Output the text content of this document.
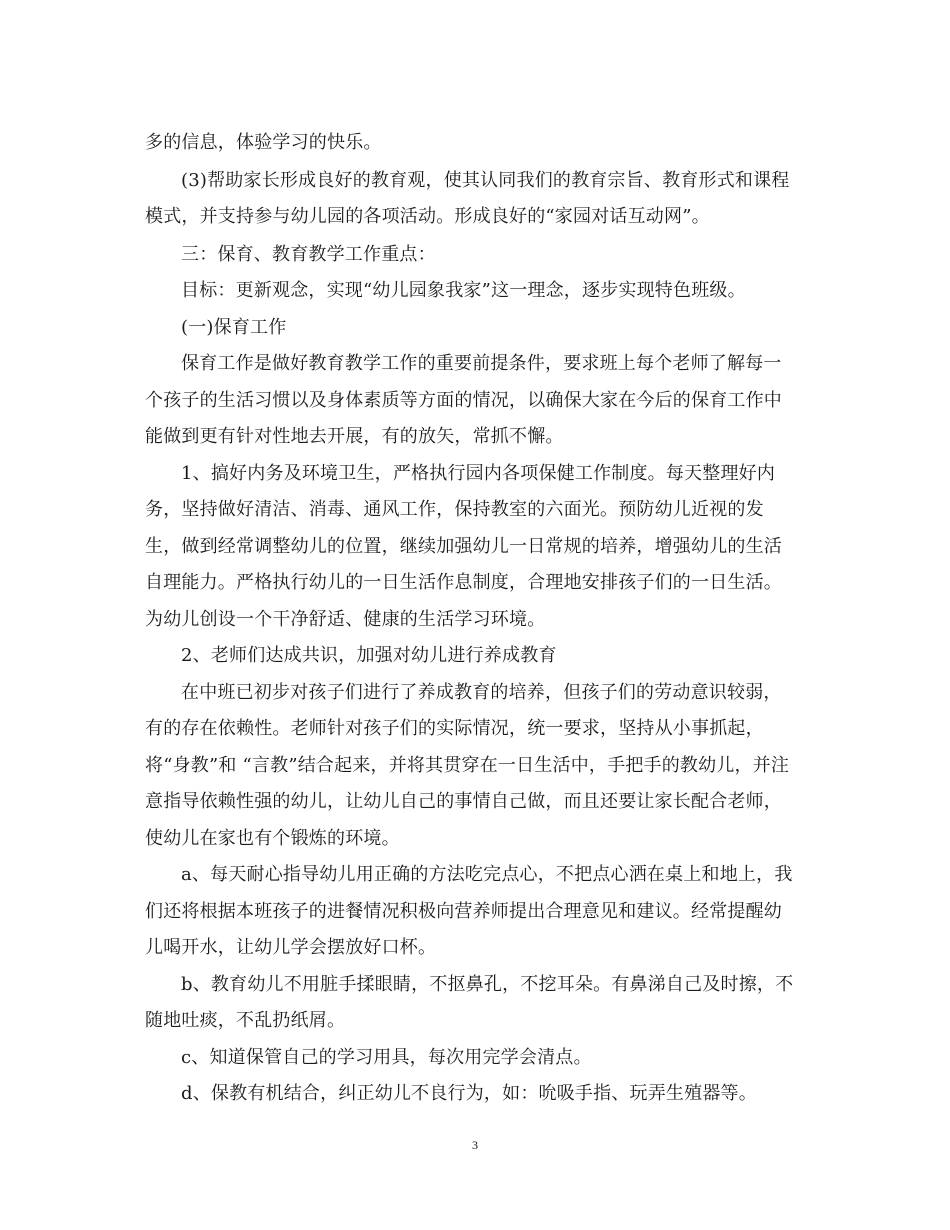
多的信息，体验学习的快乐。
(3)帮助家长形成良好的教育观，使其认同我们的教育宗旨、教育形式和课程
模式，并支持参与幼儿园的各项活动。形成良好的“家园对话互动网”。
三：保育、教育教学工作重点：
目标：更新观念，实现“幼儿园象我家”这一理念，逐步实现特色班级。
(一)保育工作
保育工作是做好教育教学工作的重要前提条件，要求班上每个老师了解每一
个孩子的生活习惯以及身体素质等方面的情况，以确保大家在今后的保育工作中
能做到更有针对性地去开展，有的放矢，常抓不懈。
1、搞好内务及环境卫生，严格执行园内各项保健工作制度。每天整理好内
务，坚持做好清洁、消毒、通风工作，保持教室的六面光。预防幼儿近视的发
生，做到经常调整幼儿的位置，继续加强幼儿一日常规的培养，增强幼儿的生活
自理能力。严格执行幼儿的一日生活作息制度，合理地安排孩子们的一日生活。
为幼儿创设一个干净舒适、健康的生活学习环境。
2、老师们达成共识，加强对幼儿进行养成教育
在中班已初步对孩子们进行了养成教育的培养，但孩子们的劳动意识较弱，
有的存在依赖性。老师针对孩子们的实际情况，统一要求，坚持从小事抓起，
将“身教”和 “言教”结合起来，并将其贯穿在一日生活中，手把手的教幼儿，并注
意指导依赖性强的幼儿，让幼儿自己的事情自己做，而且还要让家长配合老师，
使幼儿在家也有个锻炼的环境。
a、每天耐心指导幼儿用正确的方法吃完点心，不把点心洒在桌上和地上，我
们还将根据本班孩子的进餐情况积极向营养师提出合理意见和建议。经常提醒幼
儿喝开水，让幼儿学会摆放好口杯。
b、教育幼儿不用脏手揉眼睛，不抠鼻孔，不挖耳朵。有鼻涕自己及时擦，不
随地吐痰，不乱扔纸屑。
c、知道保管自己的学习用具，每次用完学会清点。
d、保教有机结合，纠正幼儿不良行为，如：吮吸手指、玩弄生殖器等。
3
